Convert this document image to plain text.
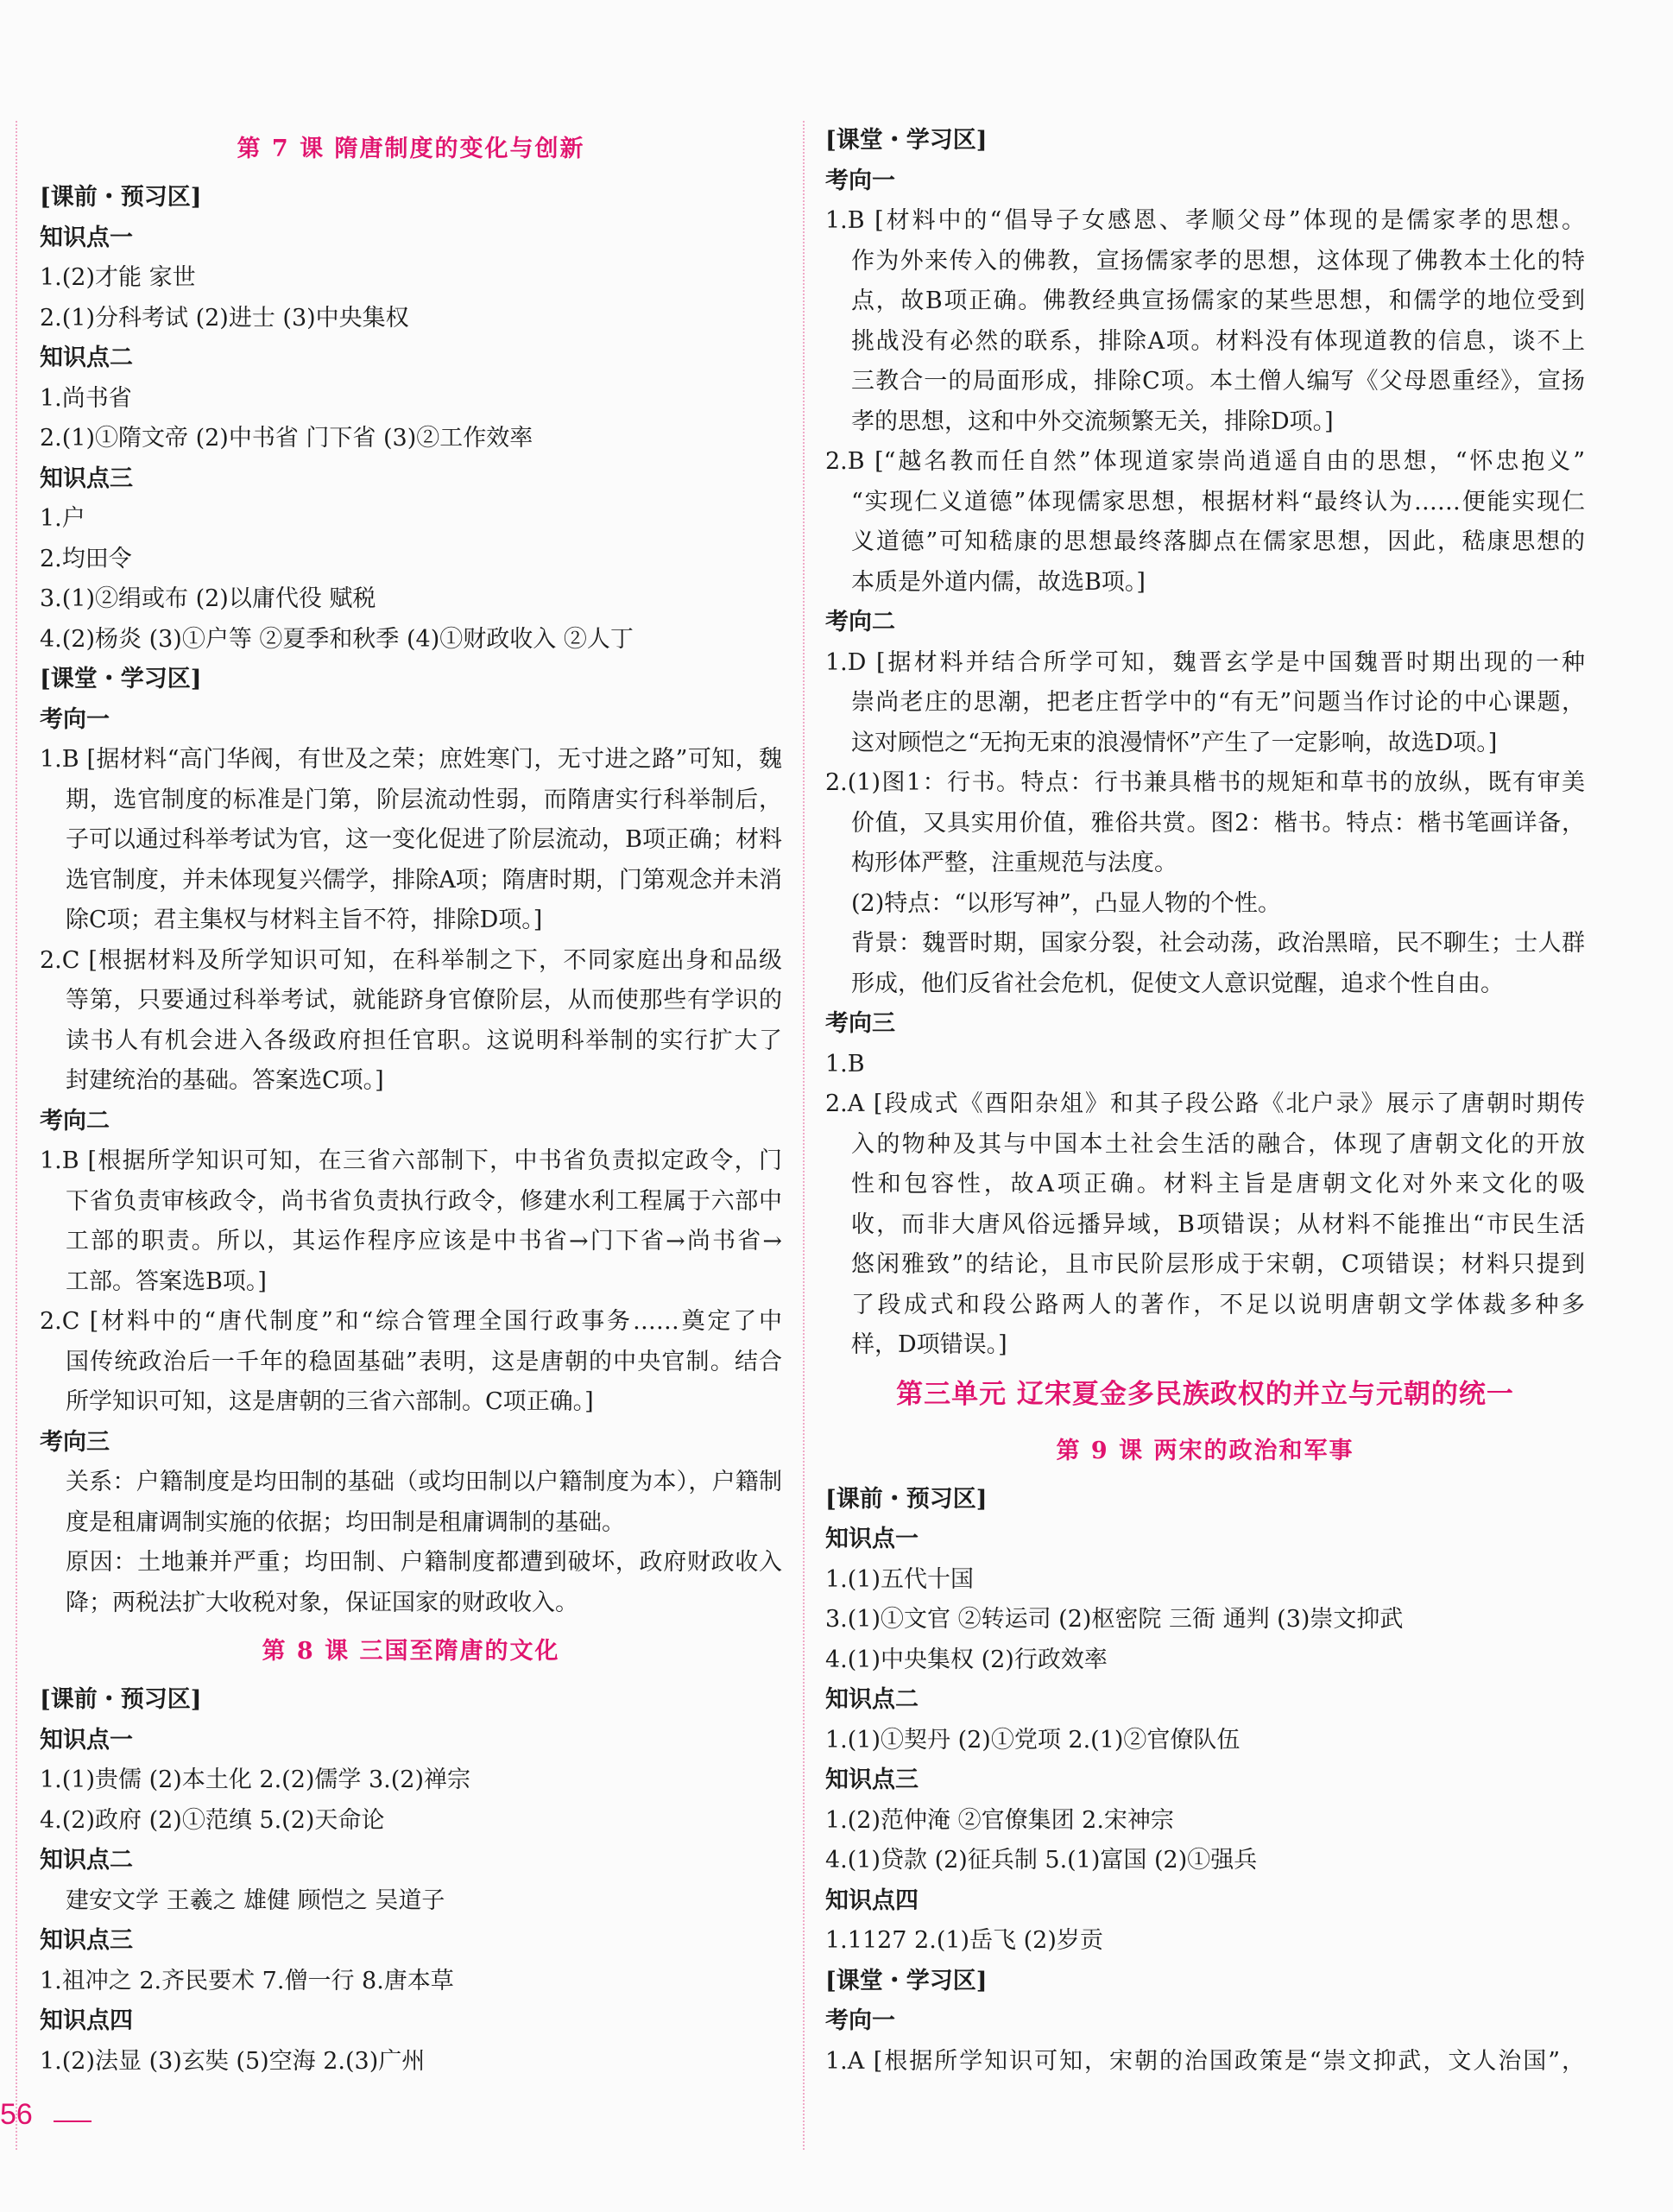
第 7 课 隋唐制度的变化与创新
[课前・预习区]
知识点一
1.(2)才能 家世
2.(1)分科考试 (2)进士 (3)中央集权
知识点二
1.尚书省
2.(1)①隋文帝 (2)中书省 门下省 (3)②工作效率
知识点三
1.户
2.均田令
3.(1)②绢或布 (2)以庸代役 赋税
4.(2)杨炎 (3)①户等 ②夏季和秋季 (4)①财政收入 ②人丁
[课堂・学习区]
考向一
1.B [据材料“高门华阀，有世及之荣；庶姓寒门，无寸进之路”可知，魏
期，选官制度的标准是门第，阶层流动性弱，而隋唐实行科举制后，
子可以通过科举考试为官，这一变化促进了阶层流动，B项正确；材料
选官制度，并未体现复兴儒学，排除A项；隋唐时期，门第观念并未消
除C项；君主集权与材料主旨不符，排除D项。]
2.C [根据材料及所学知识可知，在科举制之下，不同家庭出身和品级
等第，只要通过科举考试，就能跻身官僚阶层，从而使那些有学识的
读书人有机会进入各级政府担任官职。这说明科举制的实行扩大了
封建统治的基础。答案选C项。]
考向二
1.B [根据所学知识可知，在三省六部制下，中书省负责拟定政令，门
下省负责审核政令，尚书省负责执行政令，修建水利工程属于六部中
工部的职责。所以，其运作程序应该是中书省→门下省→尚书省→
工部。答案选B项。]
2.C [材料中的“唐代制度”和“综合管理全国行政事务……奠定了中
国传统政治后一千年的稳固基础”表明，这是唐朝的中央官制。结合
所学知识可知，这是唐朝的三省六部制。C项正确。]
考向三
关系：户籍制度是均田制的基础（或均田制以户籍制度为本），户籍制
度是租庸调制实施的依据；均田制是租庸调制的基础。
原因：土地兼并严重；均田制、户籍制度都遭到破坏，政府财政收入
降；两税法扩大收税对象，保证国家的财政收入。
第 8 课 三国至隋唐的文化
[课前・预习区]
知识点一
1.(1)贵儒 (2)本土化 2.(2)儒学 3.(2)禅宗
4.(2)政府 (2)①范缜 5.(2)天命论
知识点二
建安文学 王羲之 雄健 顾恺之 吴道子
知识点三
1.祖冲之 2.齐民要术 7.僧一行 8.唐本草
知识点四
1.(2)法显 (3)玄奘 (5)空海 2.(3)广州
[课堂・学习区]
考向一
1.B [材料中的“倡导子女感恩、孝顺父母”体现的是儒家孝的思想。
作为外来传入的佛教，宣扬儒家孝的思想，这体现了佛教本土化的特
点，故B项正确。佛教经典宣扬儒家的某些思想，和儒学的地位受到
挑战没有必然的联系，排除A项。材料没有体现道教的信息，谈不上
三教合一的局面形成，排除C项。本土僧人编写《父母恩重经》，宣扬
孝的思想，这和中外交流频繁无关，排除D项。]
2.B [“越名教而任自然”体现道家崇尚逍遥自由的思想，“怀忠抱义”
“实现仁义道德”体现儒家思想，根据材料“最终认为……便能实现仁
义道德”可知嵇康的思想最终落脚点在儒家思想，因此，嵇康思想的
本质是外道内儒，故选B项。]
考向二
1.D [据材料并结合所学可知，魏晋玄学是中国魏晋时期出现的一种
崇尚老庄的思潮，把老庄哲学中的“有无”问题当作讨论的中心课题，
这对顾恺之“无拘无束的浪漫情怀”产生了一定影响，故选D项。]
2.(1)图1：行书。特点：行书兼具楷书的规矩和草书的放纵，既有审美
价值，又具实用价值，雅俗共赏。图2：楷书。特点：楷书笔画详备，
构形体严整，注重规范与法度。
(2)特点：“以形写神”，凸显人物的个性。
背景：魏晋时期，国家分裂，社会动荡，政治黑暗，民不聊生；士人群
形成，他们反省社会危机，促使文人意识觉醒，追求个性自由。
考向三
1.B
2.A [段成式《酉阳杂俎》和其子段公路《北户录》展示了唐朝时期传
入的物种及其与中国本土社会生活的融合，体现了唐朝文化的开放
性和包容性，故A项正确。材料主旨是唐朝文化对外来文化的吸
收，而非大唐风俗远播异域，B项错误；从材料不能推出“市民生活
悠闲雅致”的结论，且市民阶层形成于宋朝，C项错误；材料只提到
了段成式和段公路两人的著作，不足以说明唐朝文学体裁多种多
样，D项错误。]
第三单元 辽宋夏金多民族政权的并立与元朝的统一
第 9 课 两宋的政治和军事
[课前・预习区]
知识点一
1.(1)五代十国
3.(1)①文官 ②转运司 (2)枢密院 三衙 通判 (3)崇文抑武
4.(1)中央集权 (2)行政效率
知识点二
1.(1)①契丹 (2)①党项 2.(1)②官僚队伍
知识点三
1.(2)范仲淹 ②官僚集团 2.宋神宗
4.(1)贷款 (2)征兵制 5.(1)富国 (2)①强兵
知识点四
1.1127 2.(1)岳飞 (2)岁贡
[课堂・学习区]
考向一
1.A [根据所学知识可知，宋朝的治国政策是“崇文抑武，文人治国”，
56
